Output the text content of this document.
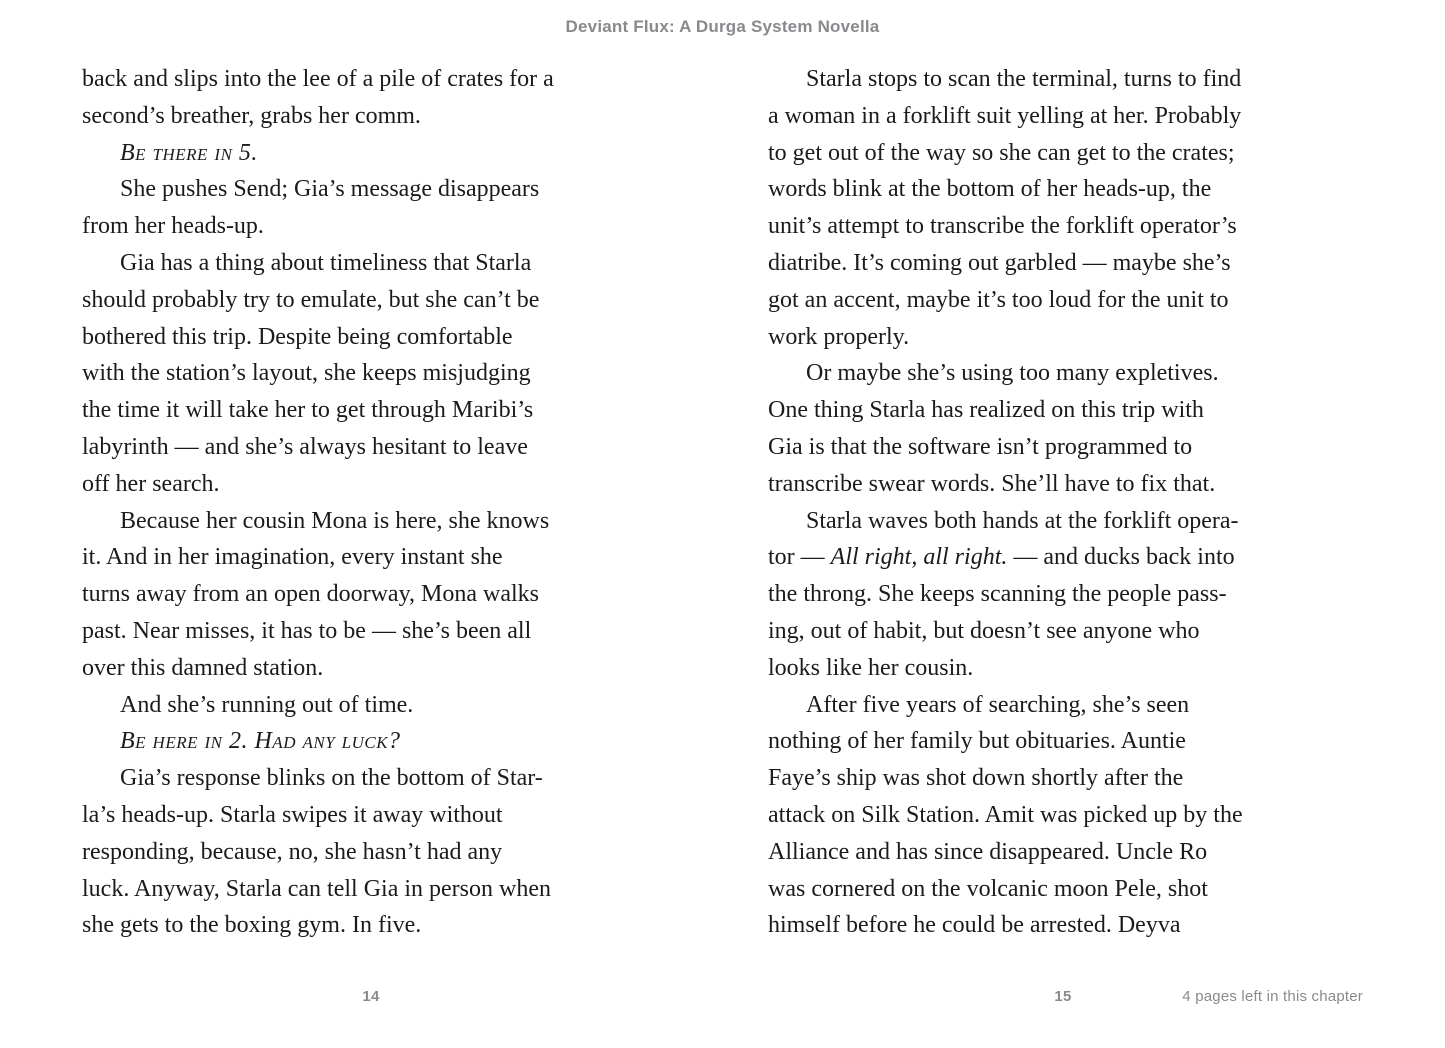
Deviant Flux: A Durga System Novella

back and slips into the lee of a pile of crates for a
second’s breather, grabs her comm.

Be there in 5.

She pushes Send; Gia’s message disappears
from her heads-up.

Gia has a thing about timeliness that Starla
should probably try to emulate, but she can’t be
bothered this trip. Despite being comfortable
with the station’s layout, she keeps misjudging
the time it will take her to get through Maribi’s
labyrinth — and she’s always hesitant to leave
off her search.

Because her cousin Mona is here, she knows
it. And in her imagination, every instant she
turns away from an open doorway, Mona walks
past. Near misses, it has to be — she’s been all
over this damned station.

And she’s running out of time.

Be here in 2. Had any luck?

Gia’s response blinks on the bottom of Star-
la’s heads-up. Starla swipes it away without
responding, because, no, she hasn’t had any
luck. Anyway, Starla can tell Gia in person when
she gets to the boxing gym. In five.

Starla stops to scan the terminal, turns to find
a woman in a forklift suit yelling at her. Probably
to get out of the way so she can get to the crates;
words blink at the bottom of her heads-up, the
unit’s attempt to transcribe the forklift operator’s
diatribe. It’s coming out garbled — maybe she’s
got an accent, maybe it’s too loud for the unit to
work properly.

Or maybe she’s using too many expletives.
One thing Starla has realized on this trip with
Gia is that the software isn’t programmed to
transcribe swear words. She’ll have to fix that.

Starla waves both hands at the forklift opera-
tor — All right, all right. — and ducks back into
the throng. She keeps scanning the people pass-
ing, out of habit, but doesn’t see anyone who
looks like her cousin.

After five years of searching, she’s seen
nothing of her family but obituaries. Auntie
Faye’s ship was shot down shortly after the
attack on Silk Station. Amit was picked up by the
Alliance and has since disappeared. Uncle Ro
was cornered on the volcanic moon Pele, shot
himself before he could be arrested. Deyva

14	15	4 pages left in this chapter
